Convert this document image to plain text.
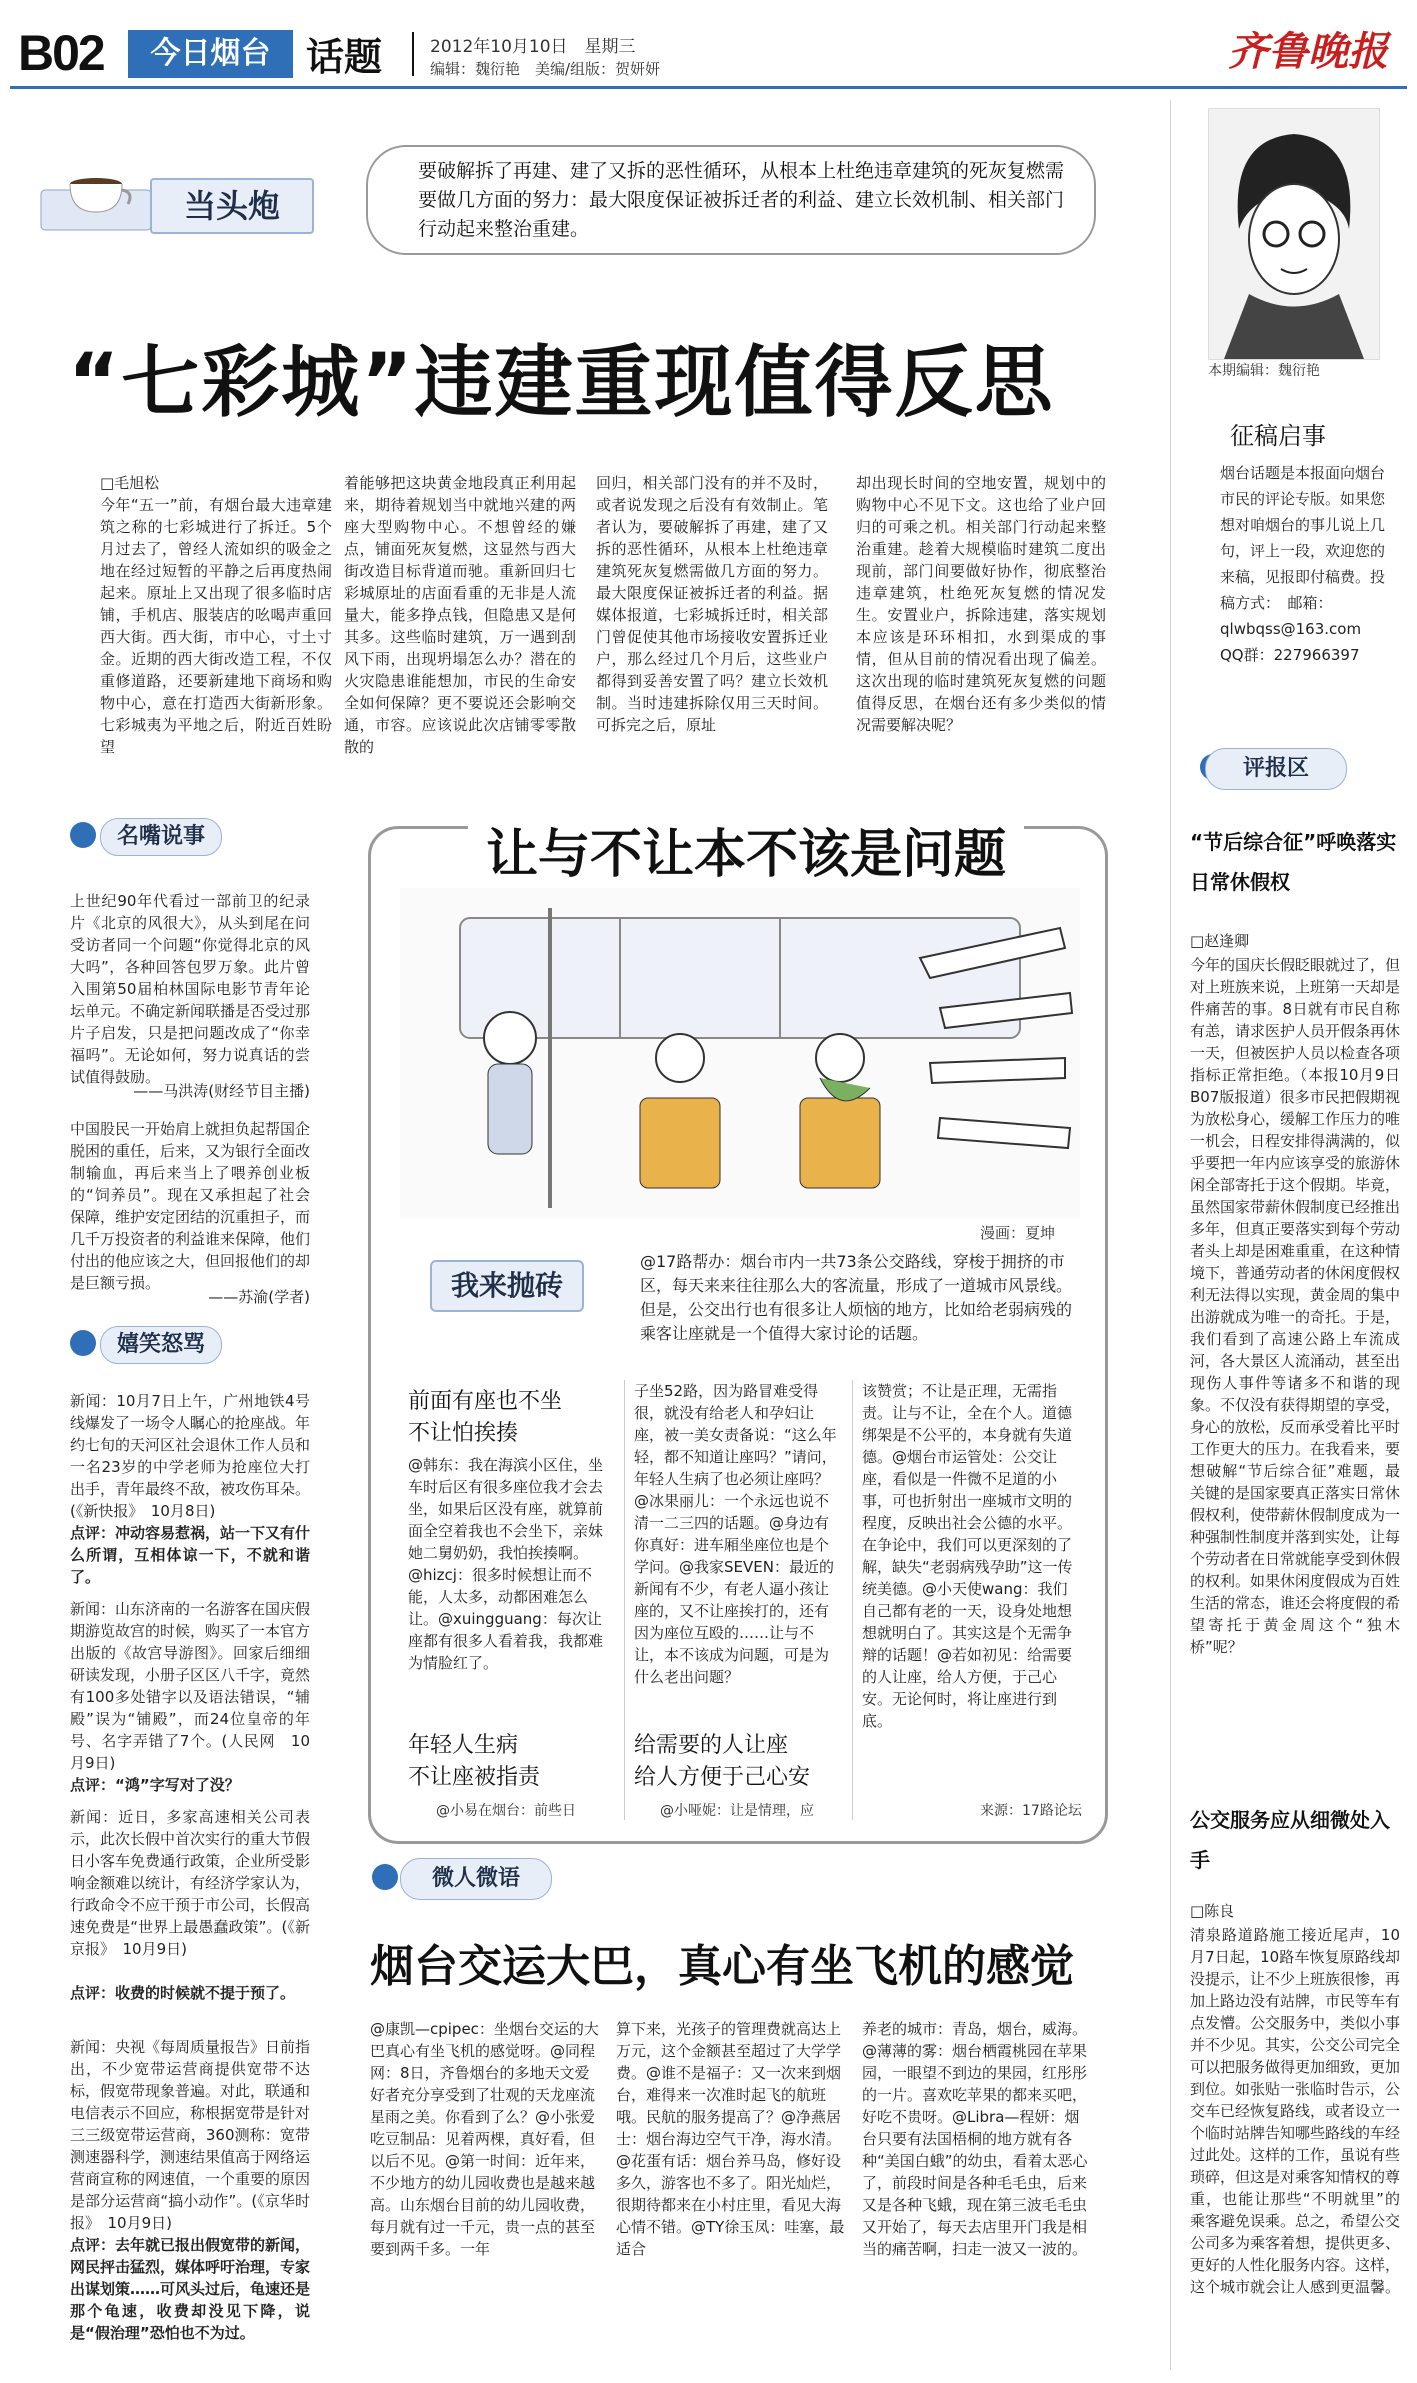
B02	今日烟台 话题	2012年10月10日　星期三
编辑：魏衍艳　美编/组版：贺妍妍	齐鲁晚报
当头炮
要破解拆了再建、建了又拆的恶性循环，从根本上杜绝违章建筑的死灰复燃需要做几方面的努力：最大限度保证被拆迁者的利益、建立长效机制、相关部门行动起来整治重建。
“七彩城”违建重现值得反思	本期编辑：魏衍艳
征稿启事
烟台话题是本报面向烟台市民的评论专版。如果您想对咱烟台的事儿说上几句，评上一段，欢迎您的来稿，见报即付稿费。投稿方式：　邮箱：qlwbqss@163.com　QQ群：227966397
□毛旭松
今年“五一”前，有烟台最大违章建筑之称的七彩城进行了拆迁。5个月过去了，曾经人流如织的吸金之地在经过短暂的平静之后再度热闹起来。原址上又出现了很多临时店铺，手机店、服装店的吆喝声重回西大街。西大街，市中心，寸土寸金。近期的西大街改造工程，不仅重修道路，还要新建地下商场和购物中心，意在打造西大街新形象。七彩城夷为平地之后，附近百姓盼望
着能够把这块黄金地段真正利用起来，期待着规划当中就地兴建的两座大型购物中心。不想曾经的嫌点，铺面死灰复燃，这显然与西大街改造目标背道而驰。重新回归七彩城原址的店面看重的无非是人流量大，能多挣点钱，但隐患又是何其多。这些临时建筑，万一遇到刮风下雨，出现坍塌怎么办？潜在的火灾隐患谁能想加，市民的生命安全如何保障？更不要说还会影响交通，市容。应该说此次店铺零零散散的
回归，相关部门没有的并不及时，或者说发现之后没有有效制止。笔者认为，要破解拆了再建，建了又拆的恶性循环，从根本上杜绝违章建筑死灰复燃需做几方面的努力。最大限度保证被拆迁者的利益。据媒体报道，七彩城拆迁时，相关部门曾促使其他市场接收安置拆迁业户，那么经过几个月后，这些业户都得到妥善安置了吗？建立长效机制。当时违建拆除仅用三天时间。可拆完之后，原址
却出现长时间的空地安置，规划中的购物中心不见下文。这也给了业户回归的可乘之机。相关部门行动起来整治重建。趁着大规模临时建筑二度出现前，部门间要做好协作，彻底整治违章建筑，杜绝死灰复燃的情况发生。安置业户，拆除违建，落实规划本应该是环环相扣，水到渠成的事情，但从目前的情况看出现了偏差。这次出现的临时建筑死灰复燃的问题值得反思，在烟台还有多少类似的情况需要解决呢？
名嘴说事
上世纪90年代看过一部前卫的纪录片《北京的风很大》，从头到尾在问受访者同一个问题“你觉得北京的风大吗”，各种回答包罗万象。此片曾入围第50届柏林国际电影节青年论坛单元。不确定新闻联播是否受过那片子启发，只是把问题改成了“你幸福吗”。无论如何，努力说真话的尝试值得鼓励。
——马洪涛(财经节目主播)
中国股民一开始肩上就担负起帮国企脱困的重任，后来，又为银行全面改制输血，再后来当上了喂养创业板的“饲养员”。现在又承担起了社会保障，维护安定团结的沉重担子，而几千万投资者的利益谁来保障，他们付出的他应该之大，但回报他们的却是巨额亏损。
——苏渝(学者)
嬉笑怒骂
新闻：10月7日上午，广州地铁4号线爆发了一场令人瞩心的抢座战。年约七旬的天河区社会退休工作人员和一名23岁的中学老师为抢座位大打出手，青年最终不敌，被攻伤耳朵。(《新快报》　10月8日)
点评：冲动容易惹祸，站一下又有什么所谓，互相体谅一下，不就和谐了。
新闻：山东济南的一名游客在国庆假期游览故宫的时候，购买了一本官方出版的《故宫导游图》。回家后细细研读发现，小册子区区八千字，竟然有100多处错字以及语法错误，“辅殿”误为“铺殿”，而24位皇帝的年号、名字弄错了7个。(人民网　10月9日)
点评：“鸿”字写对了没？
新闻：近日，多家高速相关公司表示，此次长假中首次实行的重大节假日小客车免费通行政策，企业所受影响金额难以统计，有经济学家认为，行政命令不应干预于市公司，长假高速免费是“世界上最愚蠢政策”。(《新京报》　10月9日)
点评：收费的时候就不提于预了。
新闻：央视《每周质量报告》日前指出，不少宽带运营商提供宽带不达标，假宽带现象普遍。对此，联通和电信表示不回应，称根据宽带是针对三三级宽带运营商，360测称：宽带测速器科学，测速结果值高于网络运营商宣称的网速值，一个重要的原因是部分运营商“搞小动作”。(《京华时报》　10月9日)
点评：去年就已报出假宽带的新闻，网民抨击猛烈，媒体呼吁治理，专家出谋划策……可风头过后，龟速还是那个龟速，收费却没见下降，说是“假治理”恐怕也不为过。
让与不让本不该是问题
漫画：夏坤
我来抛砖
@17路帮办：烟台市内一共73条公交路线，穿梭于拥挤的市区，每天来来往往那么大的客流量，形成了一道城市风景线。但是，公交出行也有很多让人烦恼的地方，比如给老弱病残的乘客让座就是一个值得大家讨论的话题。
前面有座也不坐
不让怕挨揍
@韩东：我在海滨小区住，坐车时后区有很多座位我才会去坐，如果后区没有座，就算前面全空着我也不会坐下，亲妹她二舅奶奶，我怕挨揍啊。@hizcj：很多时候想让而不能，人太多，动都困难怎么让。@xuingguang：每次让座都有很多人看着我，我都难为情脸红了。
年轻人生病
不让座被指责
@小易在烟台：前些日
子坐52路，因为路冒难受得很，就没有给老人和孕妇让座，被一美女责备说：“这么年轻，都不知道让座吗？”请问，年轻人生病了也必须让座吗？@冰果丽儿：一个永远也说不清一二三四的话题。@身边有你真好：进车厢坐座位也是个学问。@我家SEVEN：最近的新闻有不少，有老人逼小孩让座的，又不让座挨打的，还有因为座位互殴的……让与不让，本不该成为问题，可是为什么老出问题？
给需要的人让座
给人方便于己心安
@小哑妮：让是情理，应
该赞赏；不让是正理，无需指责。让与不让，全在个人。道德绑架是不公平的，本身就有失道德。@烟台市运管处：公交让座，看似是一件微不足道的小事，可也折射出一座城市文明的程度，反映出社会公德的水平。在争论中，我们可以更深刻的了解，缺失“老弱病残孕助”这一传统美德。@小天使wang：我们自己都有老的一天，设身处地想想就明白了。其实这是个无需争辩的话题！@若如初见：给需要的人让座，给人方便，于己心安。无论何时，将让座进行到底。
来源：17路论坛
微人微语
烟台交运大巴，真心有坐飞机的感觉
@康凯—cpipec：坐烟台交运的大巴真心有坐飞机的感觉呀。@同程网：8日，齐鲁烟台的多地天文爱好者充分享受到了壮观的天龙座流星雨之美。你看到了么？@小张爱吃豆制品：见着两棵，真好看，但以后不见。@第一时间：近年来，不少地方的幼儿园收费也是越来越高。山东烟台目前的幼儿园收费，每月就有过一千元，贵一点的甚至要到两千多。一年
算下来，光孩子的管理费就高达上万元，这个金额甚至超过了大学学费。@谁不是福子：又一次来到烟台，难得来一次准时起飞的航班哦。民航的服务提高了？@净燕居士：烟台海边空气干净，海水清。@花蛋有话：烟台养马岛，修好设多久，游客也不多了。阳光灿烂，很期待都来在小村庄里，看见大海心情不错。@TY徐玉凤：哇塞，最适合
养老的城市：青岛，烟台，威海。@薄薄的雾：烟台栖霞桃园在苹果园，一眼望不到边的果园，红彤彤的一片。喜欢吃苹果的都来买吧，好吃不贵呀。@Libra—程妍：烟台只要有法国梧桐的地方就有各种“美国白蛾”的幼虫，看着太恶心了，前段时间是各种毛毛虫，后来又是各种飞蛾，现在第三波毛毛虫又开始了，每天去店里开门我是相当的痛苦啊，扫走一波又一波的。
评报区
“节后综合征”呼唤落实日常休假权
□赵逢卿
今年的国庆长假眨眼就过了，但对上班族来说，上班第一天却是件痛苦的事。8日就有市民自称有恙，请求医护人员开假条再休一天，但被医护人员以检查各项指标正常拒绝。（本报10月9日B07版报道）很多市民把假期视为放松身心，缓解工作压力的唯一机会，日程安排得满满的，似乎要把一年内应该享受的旅游休闲全部寄托于这个假期。毕竟，虽然国家带薪休假制度已经推出多年，但真正要落实到每个劳动者头上却是困难重重，在这种情境下，普通劳动者的休闲度假权利无法得以实现，黄金周的集中出游就成为唯一的奇托。于是，我们看到了高速公路上车流成河，各大景区人流涌动，甚至出现伤人事件等诸多不和谐的现象。不仅没有获得期望的享受，身心的放松，反而承受着比平时工作更大的压力。在我看来，要想破解“节后综合征”难题，最关键的是国家要真正落实日常休假权利，使带薪休假制度成为一种强制性制度并落到实处，让每个劳动者在日常就能享受到休假的权利。如果休闲度假成为百姓生活的常态，谁还会将度假的希望寄托于黄金周这个“独木桥”呢？
公交服务应从细微处入手
□陈良
清泉路道路施工接近尾声，10月7日起，10路车恢复原路线却没提示，让不少上班族很惨，再加上路边没有站牌，市民等车有点发懵。公交服务中，类似小事并不少见。其实，公交公司完全可以把服务做得更加细致，更加到位。如张贴一张临时告示，公交车已经恢复路线，或者设立一个临时站牌告知哪些路线的车经过此处。这样的工作，虽说有些琐碎，但这是对乘客知情权的尊重，也能让那些“不明就里”的乘客避免误乘。总之，希望公交公司多为乘客着想，提供更多、更好的人性化服务内容。这样，这个城市就会让人感到更温馨。
